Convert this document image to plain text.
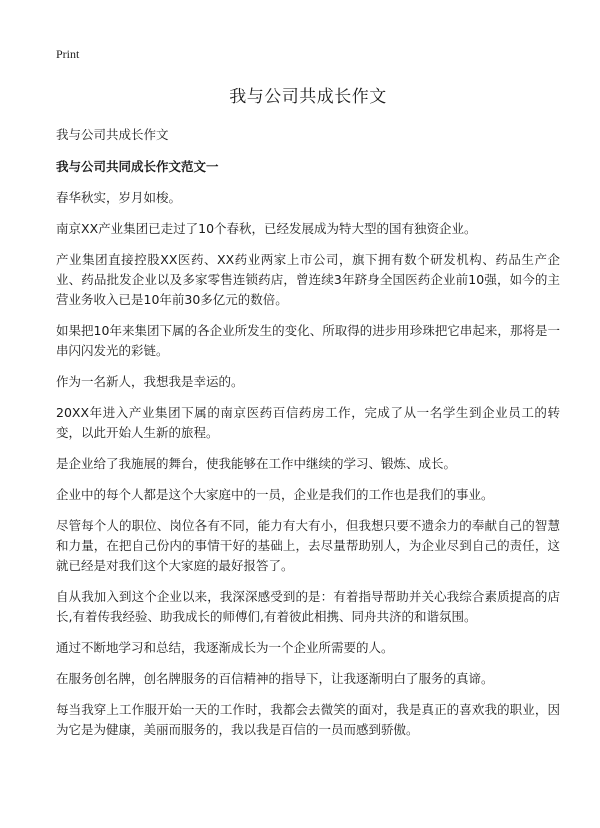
Print
我与公司共成长作文
我与公司共成长作文
我与公司共同成长作文范文一

春华秋实，岁月如梭。

南京XX产业集团已走过了10个春秋，已经发展成为特大型的国有独资企业。

产业集团直接控股XX医药、XX药业两家上市公司，旗下拥有数个研发机构、药品生产企业、药品批发企业以及多家零售连锁药店，曾连续3年跻身全国医药企业前10强，如今的主营业务收入已是10年前30多亿元的数倍。

如果把10年来集团下属的各企业所发生的变化、所取得的进步用珍珠把它串起来，那将是一串闪闪发光的彩链。

作为一名新人，我想我是幸运的。

20XX年进入产业集团下属的南京医药百信药房工作，完成了从一名学生到企业员工的转变，以此开始人生新的旅程。

是企业给了我施展的舞台，使我能够在工作中继续的学习、锻炼、成长。

企业中的每个人都是这个大家庭中的一员，企业是我们的工作也是我们的事业。

尽管每个人的职位、岗位各有不同，能力有大有小，但我想只要不遗余力的奉献自己的智慧和力量，在把自己份内的事情干好的基础上，去尽量帮助别人，为企业尽到自己的责任，这就已经是对我们这个大家庭的最好报答了。

自从我加入到这个企业以来，我深深感受到的是：有着指导帮助并关心我综合素质提高的店长,有着传我经验、助我成长的师傅们,有着彼此相携、同舟共济的和谐氛围。

通过不断地学习和总结，我逐渐成长为一个企业所需要的人。

在服务创名牌，创名牌服务的百信精神的指导下，让我逐渐明白了服务的真谛。

每当我穿上工作服开始一天的工作时，我都会去微笑的面对，我是真正的喜欢我的职业，因为它是为健康，美丽而服务的，我以我是百信的一员而感到骄傲。
